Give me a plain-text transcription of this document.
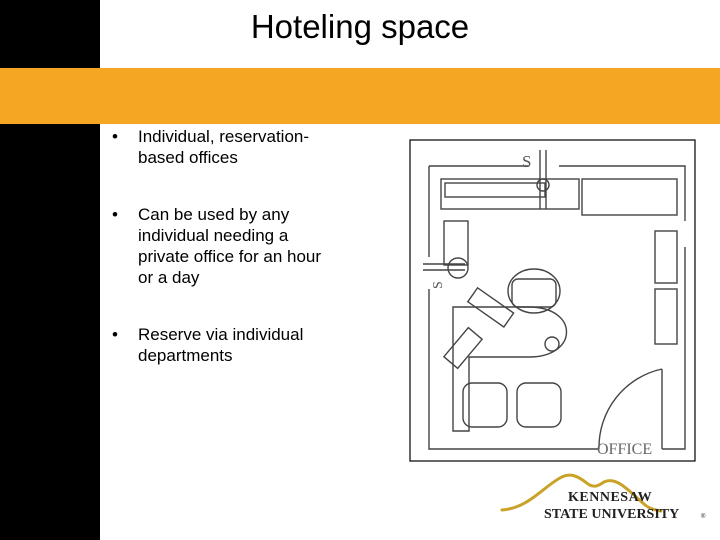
Hoteling space
• Individual, reservation-based offices
• Can be used by any individual needing a private office for an hour or a day
• Reserve via individual departments
S
S
OFFICE
KENNESAW
STATE UNIVERSITY	®
